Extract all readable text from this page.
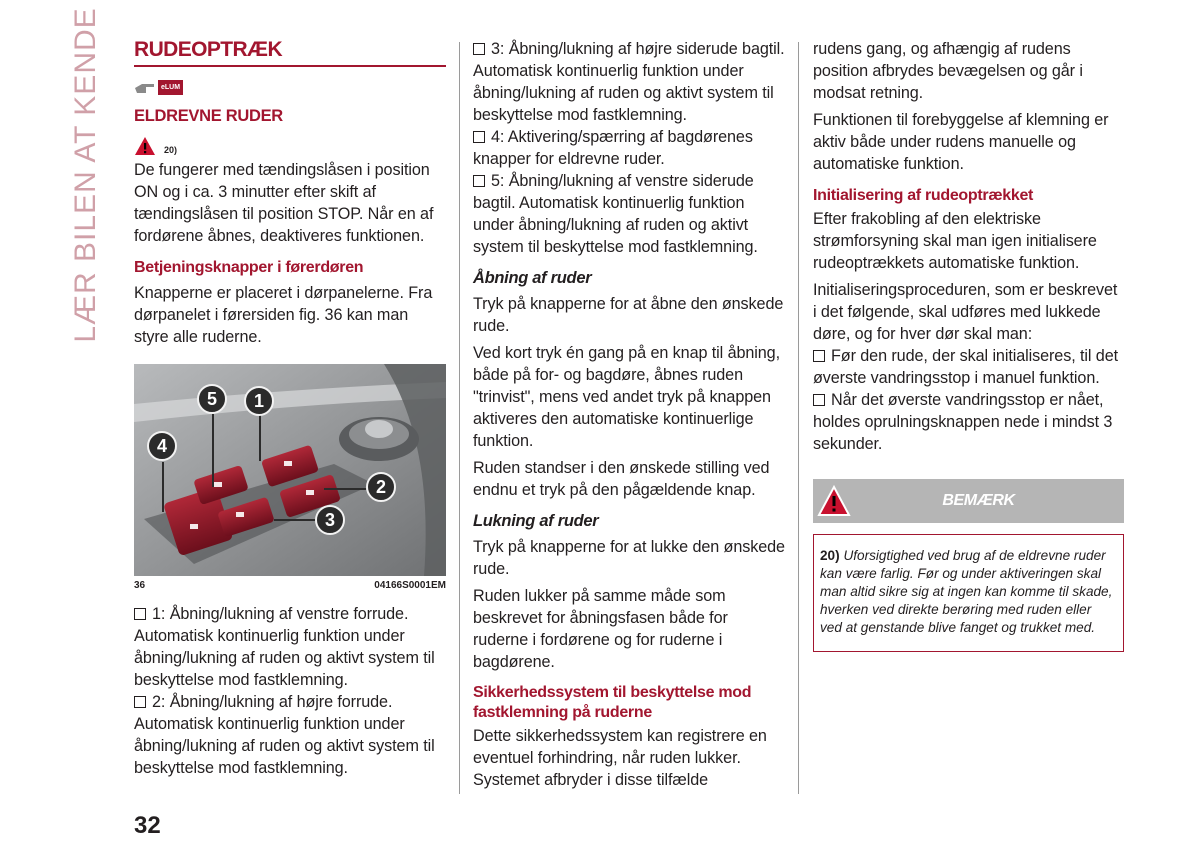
LÆR BILEN AT KENDE RUDEOPTRÆK
eLUM
ELDREVNE RUDER
20)

De fungerer med tændingslåsen i position ON og i ca. 3 minutter efter skift af tændingslåsen til position STOP. Når en af fordørene åbnes, deaktiveres funktionen.

Betjeningsknapper i førerdøren

Knapperne er placeret i dørpanelerne. Fra dørpanelet i førersiden fig. 36 kan man styre alle ruderne.

1
5
4
2
3
36	04166S0001EM
1: Åbning/lukning af venstre forrude. Automatisk kontinuerlig funktion under åbning/lukning af ruden og aktivt system til beskyttelse mod fastklemning.
2: Åbning/lukning af højre forrude. Automatisk kontinuerlig funktion under åbning/lukning af ruden og aktivt system til beskyttelse mod fastklemning.
3: Åbning/lukning af højre siderude bagtil. Automatisk kontinuerlig funktion under åbning/lukning af ruden og aktivt system til beskyttelse mod fastklemning.
4: Aktivering/spærring af bagdørenes knapper for eldrevne ruder.
5: Åbning/lukning af venstre siderude bagtil. Automatisk kontinuerlig funktion under åbning/lukning af ruden og aktivt system til beskyttelse mod fastklemning.
Åbning af ruder

Tryk på knapperne for at åbne den ønskede rude.

Ved kort tryk én gang på en knap til åbning, både på for- og bagdøre, åbnes ruden "trinvist", mens ved andet tryk på knappen aktiveres den automatiske kontinuerlige funktion.

Ruden standser i den ønskede stilling ved endnu et tryk på den pågældende knap.

Lukning af ruder

Tryk på knapperne for at lukke den ønskede rude.

Ruden lukker på samme måde som beskrevet for åbningsfasen både for ruderne i fordørene og for ruderne i bagdørene.

Sikkerhedssystem til beskyttelse mod fastklemning på ruderne

Dette sikkerhedssystem kan registrere en eventuel forhindring, når ruden lukker. Systemet afbryder i disse tilfælde

rudens gang, og afhængig af rudens position afbrydes bevægelsen og går i modsat retning.

Funktionen til forebyggelse af klemning er aktiv både under rudens manuelle og automatiske funktion.

Initialisering af rudeoptrækket

Efter frakobling af den elektriske strømforsyning skal man igen initialisere rudeoptrækkets automatiske funktion.

Initialiseringsproceduren, som er beskrevet i det følgende, skal udføres med lukkede døre, og for hver dør skal man:

Før den rude, der skal initialiseres, til det øverste vandringsstop i manuel funktion.
Når det øverste vandringsstop er nået, holdes oprulningsknappen nede i mindst 3 sekunder.
BEMÆRK

20) Uforsigtighed ved brug af de eldrevne ruder kan være farlig. Før og under aktiveringen skal man altid sikre sig at ingen kan komme til skade, hverken ved direkte berøring med ruden eller ved at genstande blive fanget og trukket med.

32
